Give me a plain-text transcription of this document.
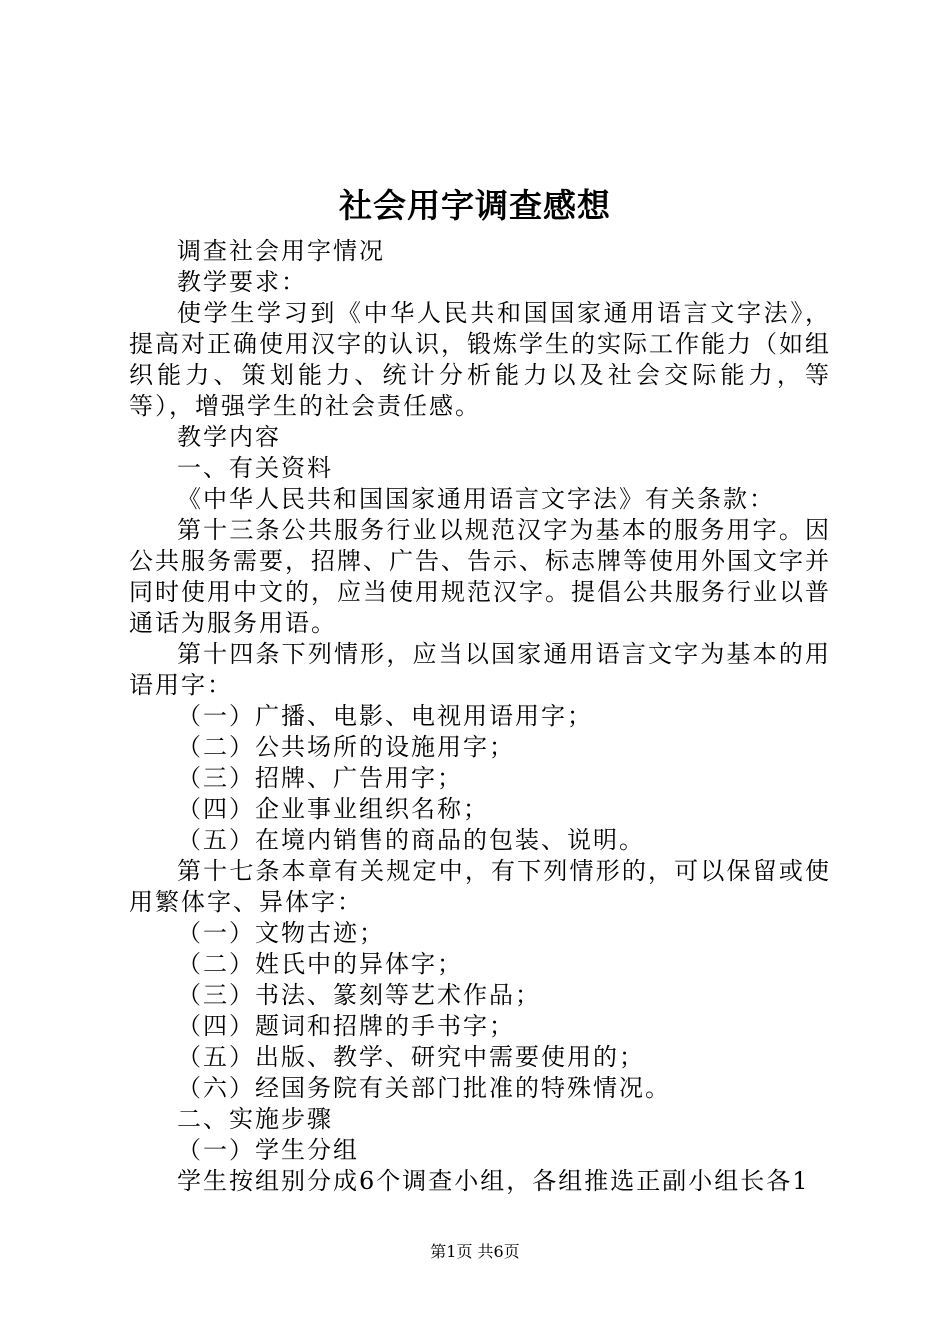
社会用字调查感想

调查社会用字情况

教学要求：

使学生学习到《中华人民共和国国家通用语言文字法》，提高对正确使用汉字的认识，锻炼学生的实际工作能力（如组织能力、策划能力、统计分析能力以及社会交际能力，等等），增强学生的社会责任感。

教学内容

一、有关资料

《中华人民共和国国家通用语言文字法》有关条款：

第十三条公共服务行业以规范汉字为基本的服务用字。因公共服务需要，招牌、广告、告示、标志牌等使用外国文字并同时使用中文的，应当使用规范汉字。提倡公共服务行业以普通话为服务用语。

第十四条下列情形，应当以国家通用语言文字为基本的用语用字：

（一）广播、电影、电视用语用字；

（二）公共场所的设施用字；

（三）招牌、广告用字；

（四）企业事业组织名称；

（五）在境内销售的商品的包装、说明。

第十七条本章有关规定中，有下列情形的，可以保留或使用繁体字、异体字：

（一）文物古迹；

（二）姓氏中的异体字；

（三）书法、篆刻等艺术作品；

（四）题词和招牌的手书字；

（五）出版、教学、研究中需要使用的；

（六）经国务院有关部门批准的特殊情况。

二、实施步骤

（一）学生分组

学生按组别分成6个调查小组，各组推选正副小组长各1

第1页 共6页
